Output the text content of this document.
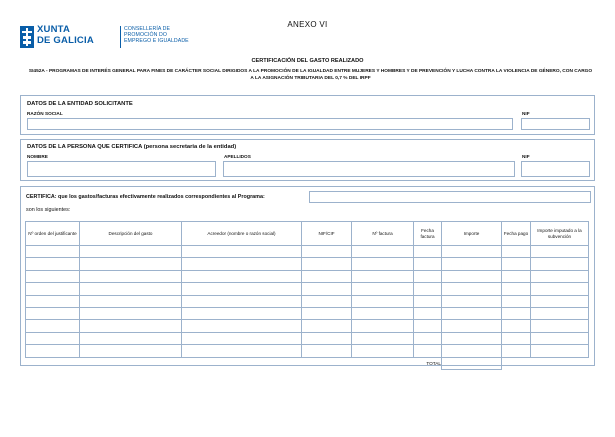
ANEXO VI
XUNTA
DE GALICIA
CONSELLERÍA DE
PROMOCIÓN DO
EMPREGO E IGUALDADE
CERTIFICACIÓN DEL GASTO REALIZADO
SI452A - PROGRAMAS DE INTERÉS GENERAL PARA FINES DE CARÁCTER SOCIAL DIRIGIDOS A LA PROMOCIÓN DE LA IGUALDAD ENTRE MUJERES Y HOMBRES Y DE PREVENCIÓN Y LUCHA CONTRA LA VIOLENCIA DE GÉNERO, CON CARGO A LA ASIGNACIÓN TRIBUTARIA DEL 0,7 % DEL IRPF
DATOS DE LA ENTIDAD SOLICITANTE
RAZÓN SOCIAL	NIF
DATOS DE LA PERSONA QUE CERTIFICA (persona secretaria de la entidad)
NOMBRE	APELLIDOS	NIF
CERTIFICA: que los gastos/facturas efectivamente realizados correspondientes al Programa:
son los siguientes:
Nº orden del justificante	Descripción del gasto	Acreedor (nombre o razón social)	NIF/CIF	Nº factura	Fecha factura	Importe	Fecha pago	Importe imputado a la subvención

TOTAL								
